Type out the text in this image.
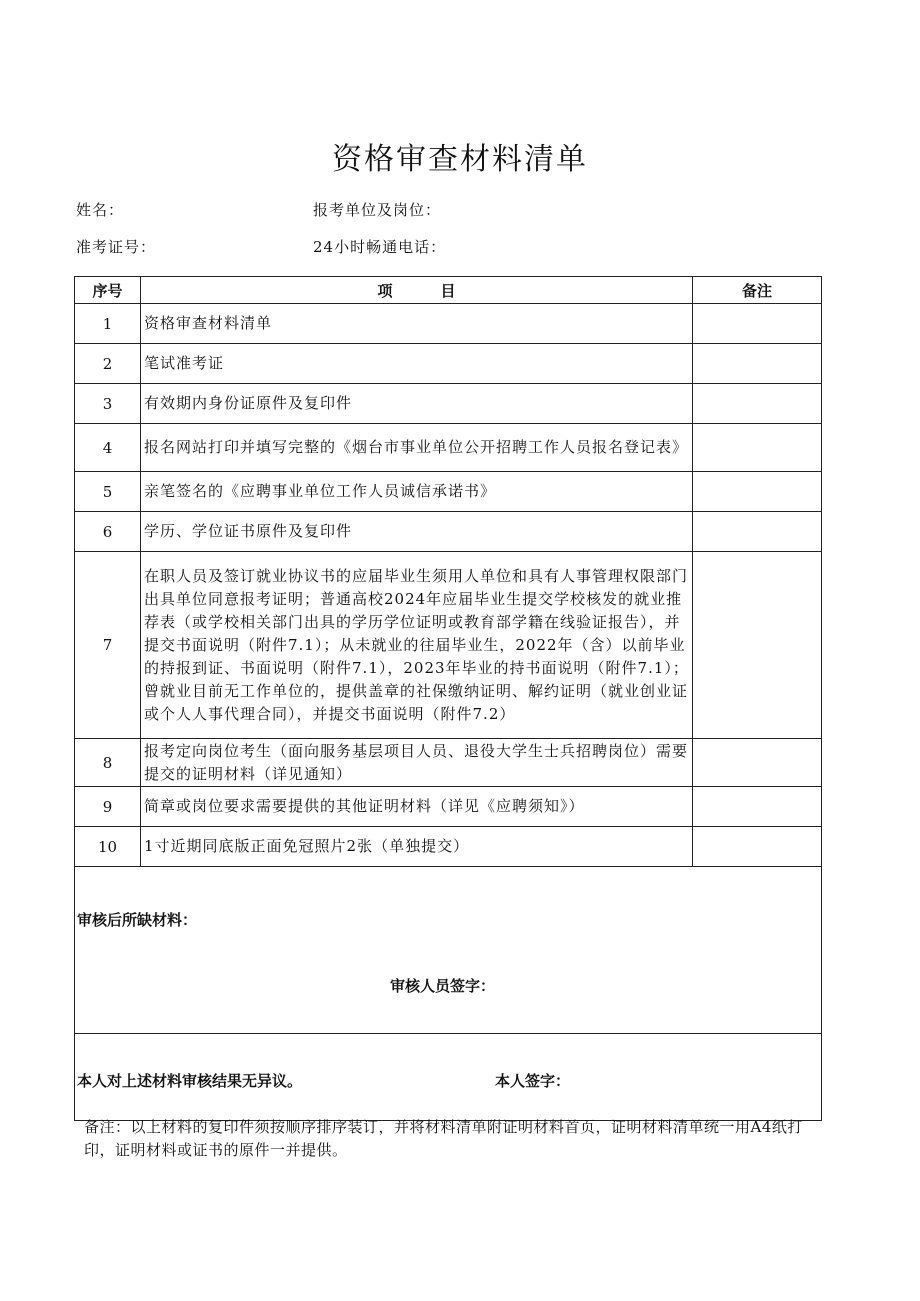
资格审查材料清单
姓名：	报考单位及岗位：
准考证号：	24小时畅通电话：
序号	项目	备注
1	资格审查材料清单	
2	笔试准考证	
3	有效期内身份证原件及复印件	
4	报名网站打印并填写完整的《烟台市事业单位公开招聘工作人员报名登记表》	
5	亲笔签名的《应聘事业单位工作人员诚信承诺书》	
6	学历、学位证书原件及复印件	
7	在职人员及签订就业协议书的应届毕业生须用人单位和具有人事管理权限部门出具单位同意报考证明；普通高校2024年应届毕业生提交学校核发的就业推荐表（或学校相关部门出具的学历学位证明或教育部学籍在线验证报告），并提交书面说明（附件7.1）；从未就业的往届毕业生，2022年（含）以前毕业的持报到证、书面说明（附件7.1），2023年毕业的持书面说明（附件7.1）；曾就业目前无工作单位的，提供盖章的社保缴纳证明、解约证明（就业创业证或个人人事代理合同），并提交书面说明（附件7.2）	
8	报考定向岗位考生（面向服务基层项目人员、退役大学生士兵招聘岗位）需要提交的证明材料（详见通知）	
9	简章或岗位要求需要提供的其他证明材料（详见《应聘须知》）	
10	1寸近期同底版正面免冠照片2张（单独提交）	

审核后所缺材料：
审核人员签字：		

本人对上述材料审核结果无异议。 本人签字：		
备注：以上材料的复印件须按顺序排序装订，并将材料清单附证明材料首页，证明材料清单统一用A4纸打印，证明材料或证书的原件一并提供。
